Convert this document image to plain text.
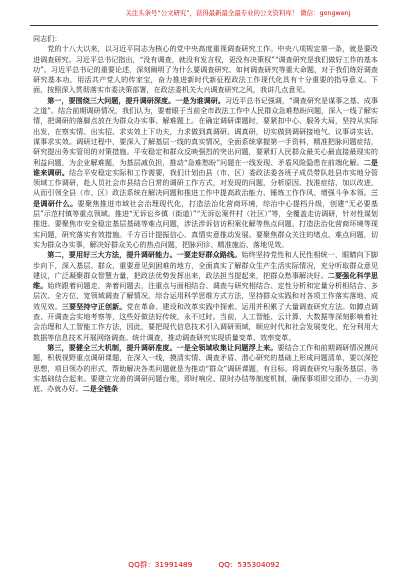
关注头条号“公文研究”，获得最新最全最专业的公文资料库！ 微信：gongwenj

同志们：

党的十八大以来，以习近平同志为核心的党中央高度重视调查研究工作。中央八项规定第一条，就是要改进调查研究。习近平总书记指出，“没有调查，就没有发言权，更没有决策权”“调查研究是我们做好工作的基本功”。习近平总书记的重要论述，深刻阐明了为什么要调查研究、如何调查研究等重大命题，对于我们练好调查研究基本功，用活共产党人的传家宝，奋力推进新时代新征程政法工作现代化具有十分重要的指导意义。下面，按照深入贯彻落实市委决策部署，在政法委机关大兴调查研究之风，我讲几点意见。

第一，要围绕三大问题，提升调研深度。一是为谁调研。习近平总书记强调，“调查研究是谋事之基、成事之道”。结合前期调研情况，我们认为，要着眼于当前全市政法工作中人民群众急难愁盼问题，深入一线了解实情，把调研的落脚点放在为群众办实事、解难题上。在确定调研课题时，要紧扣中心、服务大局，坚持从实际出发，在察实情、出实招、求实效上下功夫，力求做到真调研、调真研，切实做到调研接地气、议事讲实话、谋事求实效。调研过程中，要深入了解基层一线的真实情况，全面系统掌握第一手资料，精准把脉问题症结，研究提出务实管用的对策措施。平安稳定和群众反映强烈的突出问题，要紧盯人民群众最关心最直接最现实的利益问题，为企业解难题，为基层减负担，推动“急难愁盼”问题在一线发现、矛盾风险隐患在前端化解。二是谁来调研。结合平安稳定实际和工作需要，我们计划由县（市、区）委政法委各班子成员带队赴县市实地分管领域工作调研，赴人员社会市县结合日常的调研工作方式，对发现的问题，分析原因、找准症结、加以改进，从而引领全县（市、区）政法系统在解决问题和推进工作中提高政治能力、锤炼工作作风、增强斗争本领。三是调研什么。要聚焦推进市域社会治理现代化，打造法治化营商环境，综治中心提档升级，创建“无必要基层”示范村镇等重点领域。推进“无诉讼乡镇（街道）”“无诉讼案件村（社区）”等，全覆盖走访调研，针对性谋划推进。要聚焦市安全稳定基层基础等难点问题，涉法涉诉信访积案化解等焦点问题、打造法治化营商环境等现实问题，研究落实有效措施。千方百计提振信心、真情实意推动发展。要聚焦群众关注的堵点、难点问题，切实为群众办实事，解决好群众关心的热点问题，把脉问诊、精准施治、落地见效。

第二，要用好三大方法，提升调研能力。一要走好群众路线。始终坚持党性和人民性相统一，眼睛向下脚步向下，深入基层、群众，重要意见到困难的地方，全面真实了解群众生产生活实际情况，充分听取群众意见建议，广泛凝聚群众智慧力量，把政法优势发挥出来，政法担当提起来，把群众愁事解决好。二要强化科学思维。始终跟着问题走，奔着问题去，注重点与面相结合、调查与研究相结合、定性分析和定量分析相结合、多层次、全方位、宽领域调查了解情况，综合运用科学思维方式方法，坚持群众实践和对各项工作落实落地、成效见效。三要坚持守正创新。党在革命、建设和改革实践中探索、运用并积累了大量调查研究方法。如蹲点调查、开调查会实地考察等，这些好做法好传统，永不过时。当前，人工智能、云计算、大数据等深刻影响着社会治理和人工智能工作方法，因此，要把现代信息技术引入调研领域，顺应时代和社会发展变化，充分利用大数据等信息技术开展网络调查。统计调查，推动调查研究实现质量变革、效率变革。

第三，要健全三大机制，提升调研准度。一是全领域收集让问题浮上来。要结合工作和前期调研情况摸问题，积极视野重点调研课题，在深入一线，摸清实情、调查矛盾、潜心研究的基础上形成问题清单，要以深挖思想，项目领办的形式，帮助解决各类问题就是为推动“群众”调研课题，有目标。将调查研究与服务基层、务实基础结合起来。要建立完善的调研问题台账，即时响应、限时办结等制度机制，确保事项即交即办，一办到底、办就办好。二是全链条

QQ群：31991489	QQ：535304092
